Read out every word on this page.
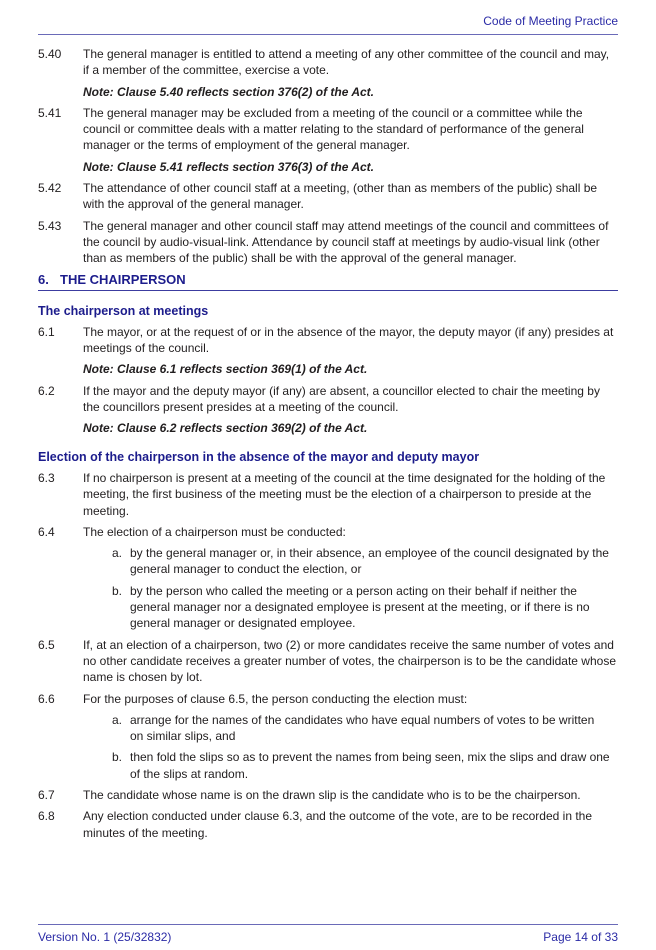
Code of Meeting Practice
5.40	The general manager is entitled to attend a meeting of any other committee of the council and may, if a member of the committee, exercise a vote.
Note: Clause 5.40 reflects section 376(2) of the Act.
5.41	The general manager may be excluded from a meeting of the council or a committee while the council or committee deals with a matter relating to the standard of performance of the general manager or the terms of employment of the general manager.
Note: Clause 5.41 reflects section 376(3) of the Act.
5.42	The attendance of other council staff at a meeting, (other than as members of the public) shall be with the approval of the general manager.
5.43	The general manager and other council staff may attend meetings of the council and committees of the council by audio-visual-link. Attendance by council staff at meetings by audio-visual link (other than as members of the public) shall be with the approval of the general manager.
6. THE CHAIRPERSON
The chairperson at meetings
6.1	The mayor, or at the request of or in the absence of the mayor, the deputy mayor (if any) presides at meetings of the council.
Note: Clause 6.1 reflects section 369(1) of the Act.
6.2	If the mayor and the deputy mayor (if any) are absent, a councillor elected to chair the meeting by the councillors present presides at a meeting of the council.
Note: Clause 6.2 reflects section 369(2) of the Act.
Election of the chairperson in the absence of the mayor and deputy mayor
6.3	If no chairperson is present at a meeting of the council at the time designated for the holding of the meeting, the first business of the meeting must be the election of a chairperson to preside at the meeting.
6.4	The election of a chairperson must be conducted:
a. by the general manager or, in their absence, an employee of the council designated by the general manager to conduct the election, or
b. by the person who called the meeting or a person acting on their behalf if neither the general manager nor a designated employee is present at the meeting, or if there is no general manager or designated employee.
6.5	If, at an election of a chairperson, two (2) or more candidates receive the same number of votes and no other candidate receives a greater number of votes, the chairperson is to be the candidate whose name is chosen by lot.
6.6	For the purposes of clause 6.5, the person conducting the election must:
a. arrange for the names of the candidates who have equal numbers of votes to be written on similar slips, and
b. then fold the slips so as to prevent the names from being seen, mix the slips and draw one of the slips at random.
6.7	The candidate whose name is on the drawn slip is the candidate who is to be the chairperson.
6.8	Any election conducted under clause 6.3, and the outcome of the vote, are to be recorded in the minutes of the meeting.
Version No. 1 (25/32832)	Page 14 of 33
